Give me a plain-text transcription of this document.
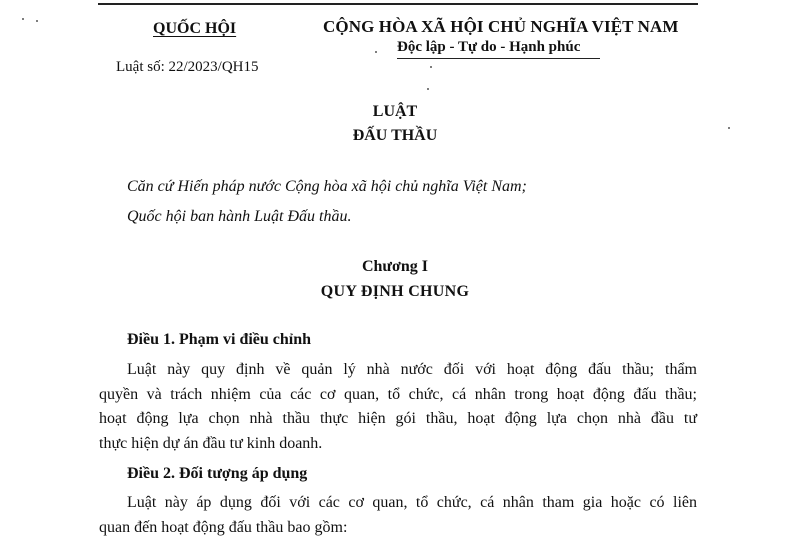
QUỐC HỘI	CỘNG HÒA XÃ HỘI CHỦ NGHĨA VIỆT NAM
Độc lập - Tự do - Hạnh phúc
Luật số: 22/2023/QH15
LUẬT
ĐẤU THẦU
Căn cứ Hiến pháp nước Cộng hòa xã hội chủ nghĩa Việt Nam;
Quốc hội ban hành Luật Đấu thầu.
Chương I
QUY ĐỊNH CHUNG
Điều 1. Phạm vi điều chỉnh
Luật này quy định về quản lý nhà nước đối với hoạt động đấu thầu; thẩm
quyền và trách nhiệm của các cơ quan, tổ chức, cá nhân trong hoạt động đấu thầu;
hoạt động lựa chọn nhà thầu thực hiện gói thầu, hoạt động lựa chọn nhà đầu tư
thực hiện dự án đầu tư kinh doanh.
Điều 2. Đối tượng áp dụng
Luật này áp dụng đối với các cơ quan, tổ chức, cá nhân tham gia hoặc có liên
quan đến hoạt động đấu thầu bao gồm:
